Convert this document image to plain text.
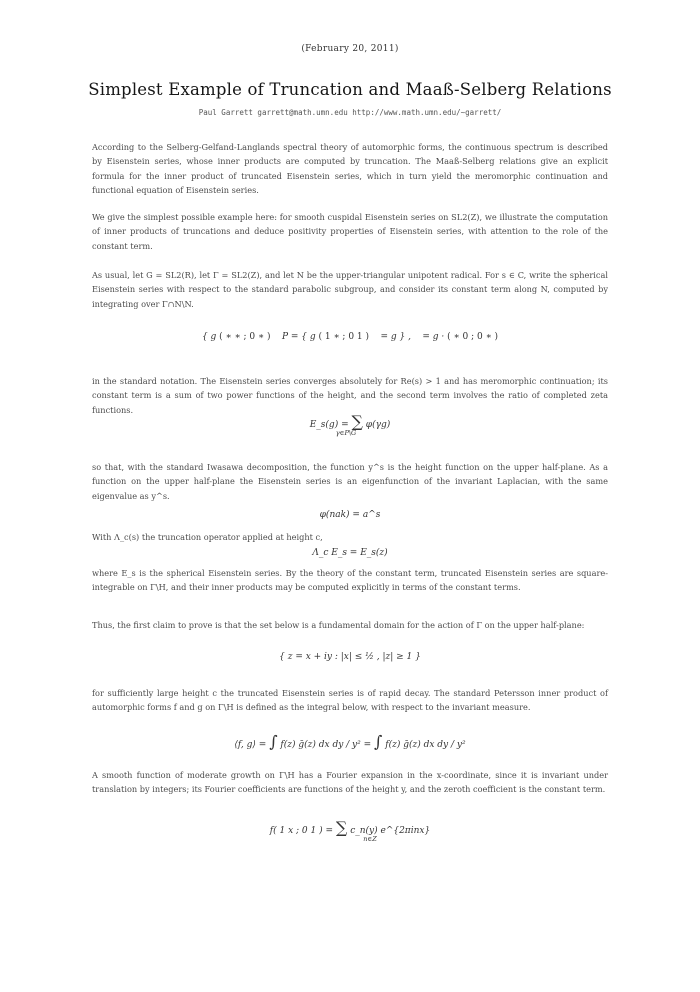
(February 20, 2011)
Simplest Example of Truncation and Maaß-Selberg Relations
Paul Garrett garrett@math.umn.edu http://www.math.umn.edu/~garrett/

According to the Selberg-Gelfand-Langlands spectral theory of automorphic forms, the continuous spectrum is described by Eisenstein series, whose inner products are computed by truncation. The Maaß-Selberg relations give an explicit formula for the inner product of truncated Eisenstein series, which in turn yield the meromorphic continuation and functional equation of Eisenstein series.

We give the simplest possible example here: for smooth cuspidal Eisenstein series on SL2(Z), we illustrate the computation of inner products of truncations and deduce positivity properties of Eisenstein series, with attention to the role of the constant term.

As usual, let G = SL2(R), let Γ = SL2(Z), and let N be the upper-triangular unipotent radical. For s ∈ C, write the spherical Eisenstein series with respect to the standard parabolic subgroup, and consider its constant term along N, computed by integrating over Γ∩N\N.

{ g ( ∗ ∗ ; 0 ∗ ) P = { g ( 1 ∗ ; 0 1 ) = g } , = g · ( ∗ 0 ; 0 ∗ )

in the standard notation. The Eisenstein series converges absolutely for Re(s) > 1 and has meromorphic continuation; its constant term is a sum of two power functions of the height, and the second term involves the ratio of completed zeta functions.

E_s(g) = ∑ φ(γg)
γ∈P\G

so that, with the standard Iwasawa decomposition, the function y^s is the height function on the upper half-plane. As a function on the upper half-plane the Eisenstein series is an eigenfunction of the invariant Laplacian, with the same eigenvalue as y^s.

φ(nak) = a^s

With Λ_c(s) the truncation operator applied at height c,

Λ_c E_s = E_s(z)

where E_s is the spherical Eisenstein series. By the theory of the constant term, truncated Eisenstein series are square-integrable on Γ\H, and their inner products may be computed explicitly in terms of the constant terms.

Thus, the first claim to prove is that the set below is a fundamental domain for the action of Γ on the upper half-plane:

{ z = x + iy : |x| ≤ ½ , |z| ≥ 1 }

for sufficiently large height c the truncated Eisenstein series is of rapid decay. The standard Petersson inner product of automorphic forms f and g on Γ\H is defined as the integral below, with respect to the invariant measure.

⟨f, g⟩ = ∫ f(z) ḡ(z) dx dy / y² = ∫ f(z) ḡ(z) dx dy / y²

A smooth function of moderate growth on Γ\H has a Fourier expansion in the x-coordinate, since it is invariant under translation by integers; its Fourier coefficients are functions of the height y, and the zeroth coefficient is the constant term.

f( 1 x ; 0 1 ) = ∑ c_n(y) e^{2πinx}
n∈Z
